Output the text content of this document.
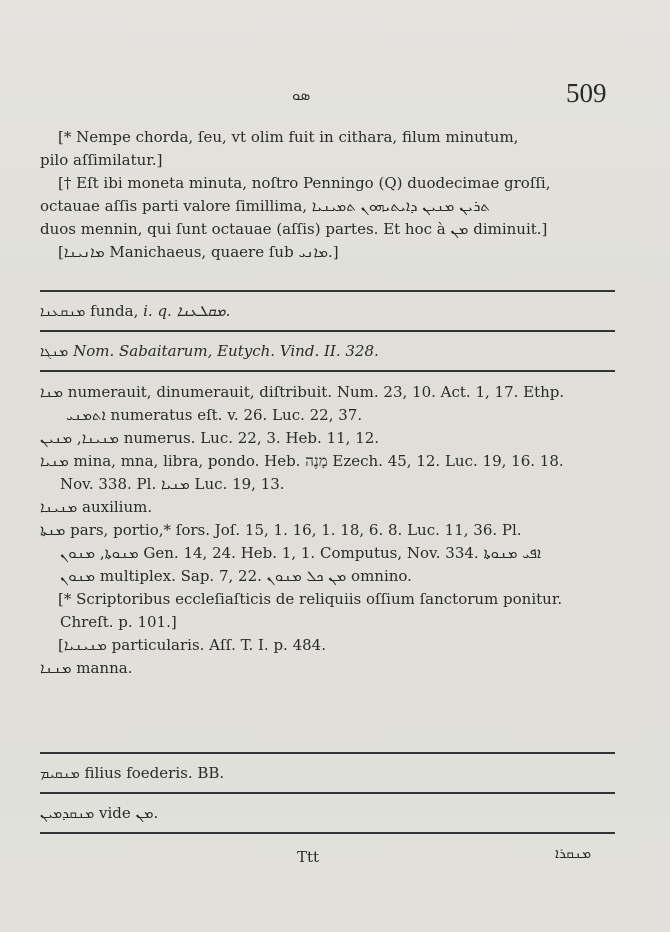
ܣܘ	509
[* Nempe chorda, ſeu, vt olim fuit in cithara, filum minutum,
pilo aſſimilatur.]
[† Eſt ibi moneta minuta, noſtro Penningo (Q) duodecimae groſſi,
octauae aſſis parti valore ſimillima, ܬܪܝܢ ܡܢܝܢ ܕܐܝܬܝܗܘܢ ܬܡܝܢܝܐ
duos mennin, qui ſunt octauae (aſſis) partes. Et hoc à ܡܢ diminuit.]
[ܡܐܢܝܢܐ Manichaeus, quaere ſub ܡܐܢܝ.]
ܡܢܩܥܢܐ funda, i. q. ܡܩܠܥܢܐ.
ܡܢܓܐ Nom. Sabaitarum, Eutych. Vind. II. 328.
ܡܢܐ numerauit, dinumerauit, diſtribuit. Num. 23, 10. Act. 1, 17. Ethp.
ܐܬܡܢܝ numeratus eſt. v. 26. Luc. 22, 37.
ܡܢܝܢܐ, ܡܢܝܢ numerus. Luc. 22, 3. Heb. 11, 12.
ܡܢܝܐ mina, mna, libra, pondo. Heb. מָנֶה Ezech. 45, 12. Luc. 19, 16. 18.
Nov. 338. Pl. ܡܢܝܐ Luc. 19, 13.
ܡܢܝܢܐ auxilium.
ܡܢܬܐ pars, portio,* ſors. Joſ. 15, 1. 16, 1. 18, 6. 8. Luc. 11, 36. Pl.
ܡܢܘܬܐ, ܡܢܘܢ Gen. 14, 24. Heb. 1, 1. Computus, Nov. 334. ܐܦܝ ܡܢܘܬܐ
ܡܢܘܢ multiplex. Sap. 7, 22. ܡܢ ܟܠ ܡܢܘܢ omnino.
[* Scriptoribus eccleſiaſticis de reliquiis oſſium ſanctorum ponitur.
Chreſt. p. 101.]
[ܡܢܝܢܝܐ particularis. Aſſ. T. I. p. 484.
ܡܢܢܐ manna.
ܡܢܩܝܡ filius foederis. BB.
ܡܢܩܕܡܝܢ vide ܡܢ.
Ttt	ܡܢܩܪܐ
